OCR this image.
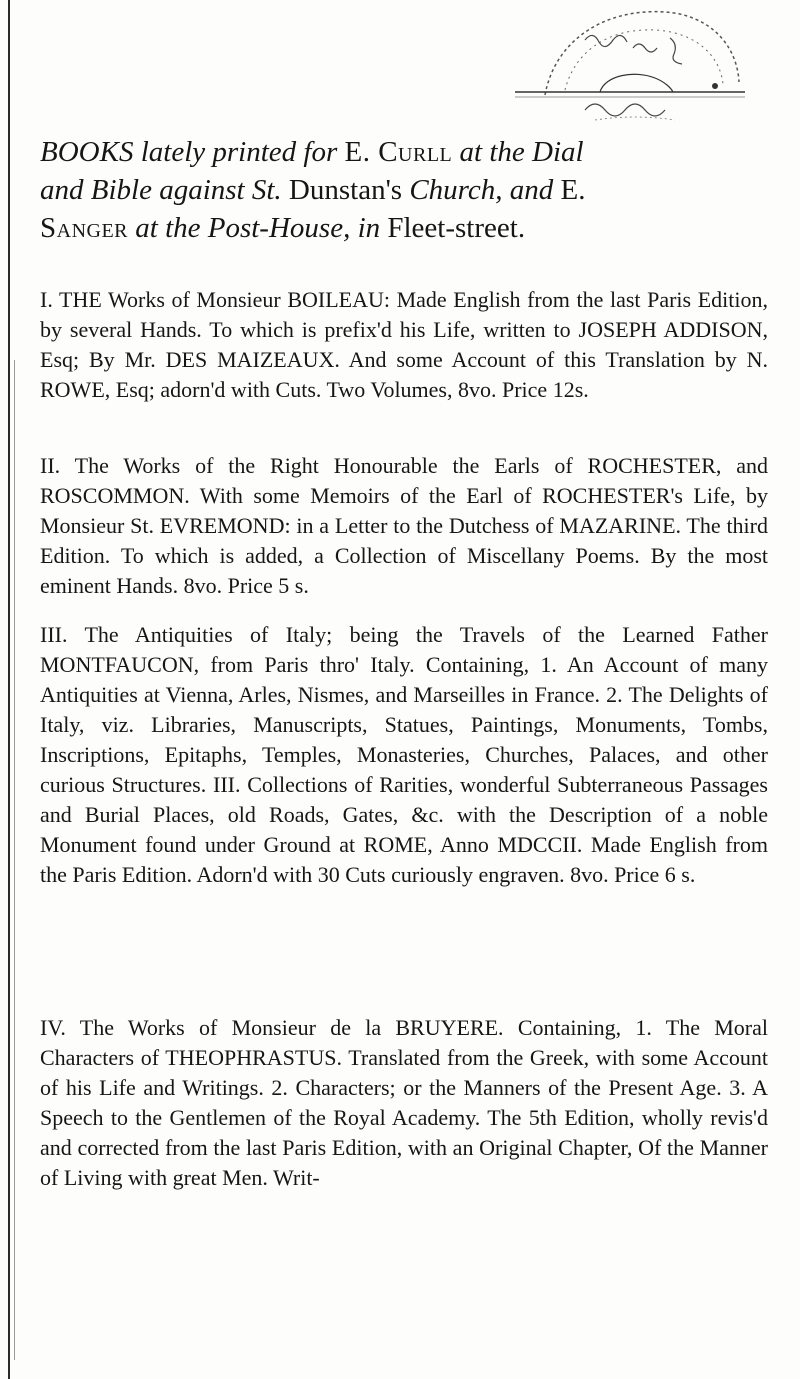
BOOKS lately printed for E. Curll at the Dial
and Bible against St. Dunstan's Church, and E.
Sanger at the Post-House, in Fleet-street.
I. THE Works of Monsieur BOILEAU: Made English from the last Paris Edition, by several Hands. To which is prefix'd his Life, written to JOSEPH ADDISON, Esq; By Mr. DES MAIZEAUX. And some Account of this Translation by N. ROWE, Esq; adorn'd with Cuts. Two Volumes, 8vo. Price 12s.
II. The Works of the Right Honourable the Earls of ROCHESTER, and ROSCOMMON. With some Memoirs of the Earl of ROCHESTER's Life, by Monsieur St. EVREMOND: in a Letter to the Dutchess of MAZARINE. The third Edition. To which is added, a Collection of Miscellany Poems. By the most eminent Hands. 8vo. Price 5 s.
III. The Antiquities of Italy; being the Travels of the Learned Father MONTFAUCON, from Paris thro' Italy. Containing, 1. An Account of many Antiquities at Vienna, Arles, Nismes, and Marseilles in France. 2. The Delights of Italy, viz. Libraries, Manuscripts, Statues, Paintings, Monuments, Tombs, Inscriptions, Epitaphs, Temples, Monasteries, Churches, Palaces, and other curious Structures. III. Collections of Rarities, wonderful Subterraneous Passages and Burial Places, old Roads, Gates, &c. with the Description of a noble Monument found under Ground at ROME, Anno MDCCII. Made English from the Paris Edition. Adorn'd with 30 Cuts curiously engraven. 8vo. Price 6 s.
IV. The Works of Monsieur de la BRUYERE. Containing, 1. The Moral Characters of THEOPHRASTUS. Translated from the Greek, with some Account of his Life and Writings. 2. Characters; or the Manners of the Present Age. 3. A Speech to the Gentlemen of the Royal Academy. The 5th Edition, wholly revis'd and corrected from the last Paris Edition, with an Original Chapter, Of the Manner of Living with great Men. Writ-
